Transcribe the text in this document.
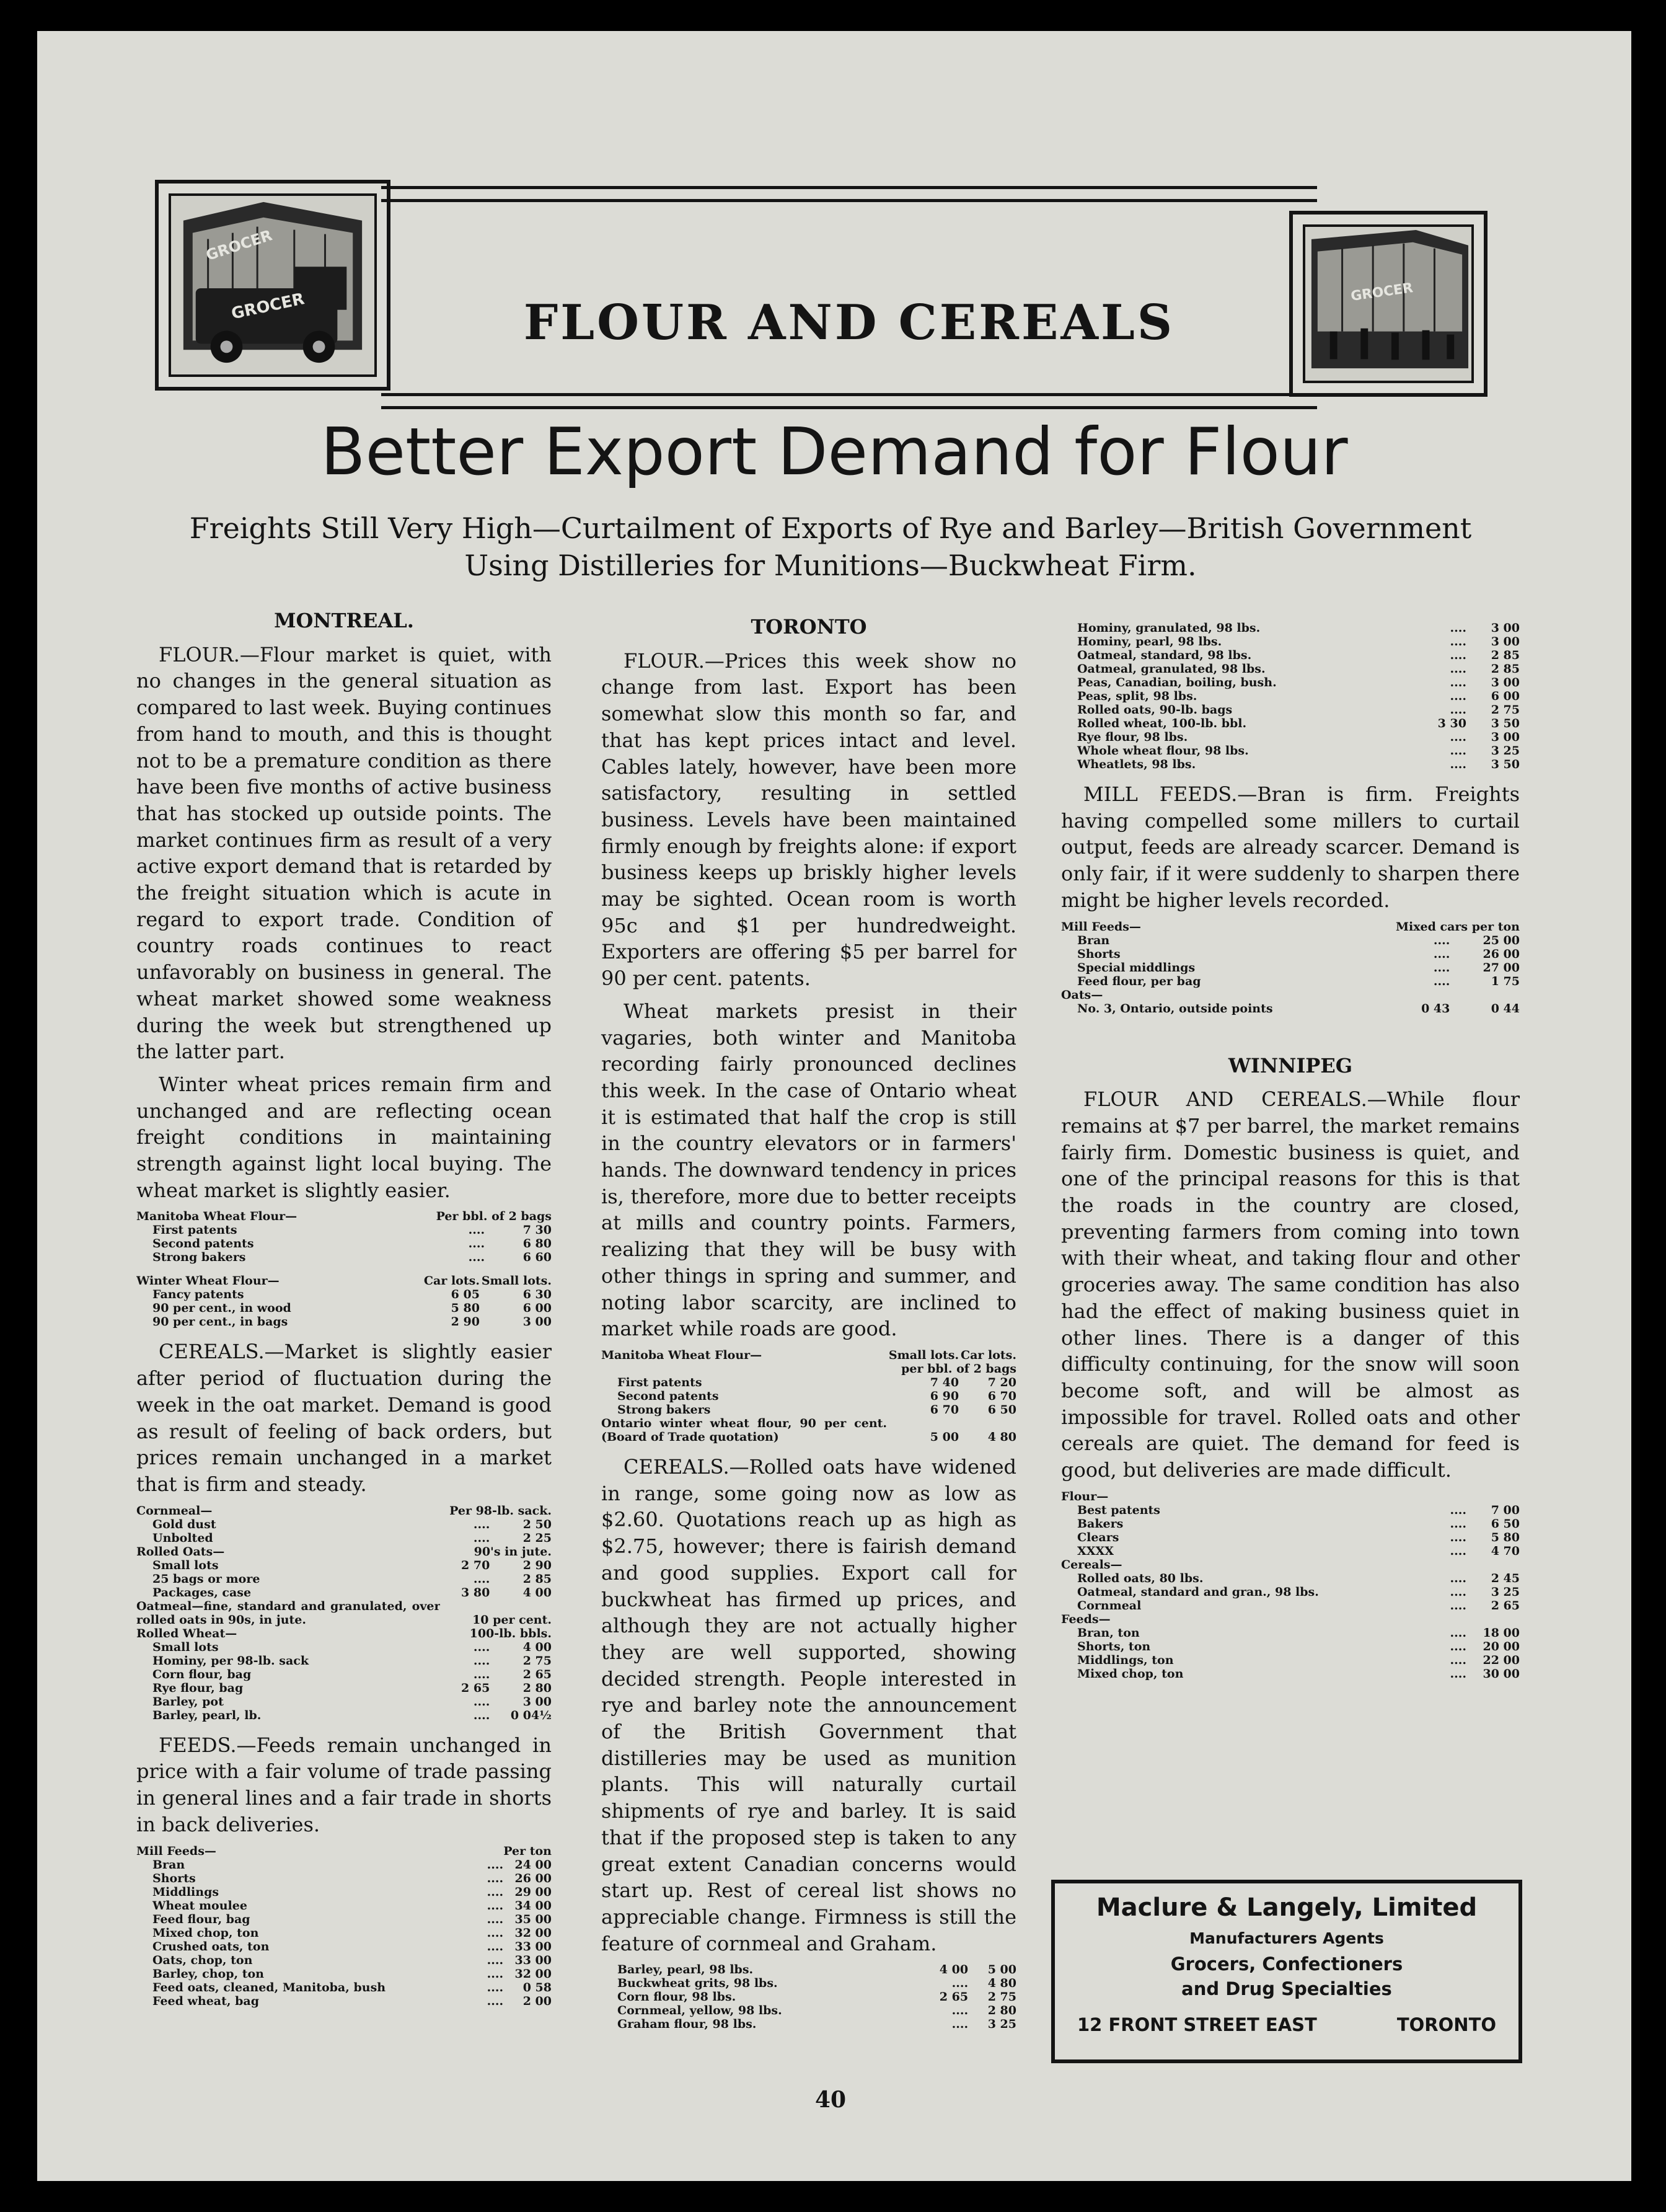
GROCER
GROCER
FLOUR AND CEREALS
GROCER
Better Export Demand for Flour
Freights Still Very High—Curtailment of Exports of Rye and Barley—British Government
Using Distilleries for Munitions—Buckwheat Firm.
MONTREAL.

FLOUR.—Flour market is quiet, with no changes in the general situation as compared to last week. Buying continues from hand to mouth, and this is thought not to be a premature condition as there have been five months of active business that has stocked up outside points. The market continues firm as result of a very active export demand that is retarded by the freight situation which is acute in regard to export trade. Condition of country roads continues to react unfavorably on business in general. The wheat market showed some weakness during the week but strengthened up the latter part.

Winter wheat prices remain firm and unchanged and are reflecting ocean freight conditions in maintaining strength against light local buying. The wheat market is slightly easier.

Manitoba Wheat Flour—	Per bbl. of 2 bags	
First patents	....	7 30
Second patents	....	6 80
Strong bakers	....	6 60
Winter Wheat Flour—	Car lots.	Small lots.
Fancy patents	6 05	6 30
90 per cent., in wood	5 80	6 00
90 per cent., in bags	2 90	3 00

CEREALS.—Market is slightly easier after period of fluctuation during the week in the oat market. Demand is good as result of feeling of back orders, but prices remain unchanged in a market that is firm and steady.

Cornmeal—	Per 98-lb. sack.	
Gold dust	....	2 50
Unbolted	....	2 25
Rolled Oats—	90's in jute.	
Small lots	2 70	2 90
25 bags or more	....	2 85
Packages, case	3 80	4 00
Oatmeal—fine, standard and granulated, over rolled oats in 90s, in jute.	10 per cent.	
Rolled Wheat—	100-lb. bbls.	
Small lots	....	4 00
Hominy, per 98-lb. sack	....	2 75
Corn flour, bag	....	2 65
Rye flour, bag	2 65	2 80
Barley, pot	....	3 00
Barley, pearl, lb.	....	0 04½

FEEDS.—Feeds remain unchanged in price with a fair volume of trade passing in general lines and a fair trade in shorts in back deliveries.

Mill Feeds—	Per ton	
Bran	....	24 00
Shorts	....	26 00
Middlings	....	29 00
Wheat moulee	....	34 00
Feed flour, bag	....	35 00
Mixed chop, ton	....	32 00
Crushed oats, ton	....	33 00
Oats, chop, ton	....	33 00
Barley, chop, ton	....	32 00
Feed oats, cleaned, Manitoba, bush	....	0 58
Feed wheat, bag	....	2 00
TORONTO

FLOUR.—Prices this week show no change from last. Export has been somewhat slow this month so far, and that has kept prices intact and level. Cables lately, however, have been more satisfactory, resulting in settled business. Levels have been maintained firmly enough by freights alone: if export business keeps up briskly higher levels may be sighted. Ocean room is worth 95c and $1 per hundredweight. Exporters are offering $5 per barrel for 90 per cent. patents.

Wheat markets presist in their vagaries, both winter and Manitoba recording fairly pronounced declines this week. In the case of Ontario wheat it is estimated that half the crop is still in the country elevators or in farmers' hands. The downward tendency in prices is, therefore, more due to better receipts at mills and country points. Farmers, realizing that they will be busy with other things in spring and summer, and noting labor scarcity, are inclined to market while roads are good.

Manitoba Wheat Flour—	Small lots.	Car lots.
	per bbl. of 2 bags	
First patents	7 40	7 20
Second patents	6 90	6 70
Strong bakers	6 70	6 50
Ontario winter wheat flour, 90 per cent. (Board of Trade quotation)	5 00	4 80

CEREALS.—Rolled oats have widened in range, some going now as low as $2.60. Quotations reach up as high as $2.75, however; there is fairish demand and good supplies. Export call for buckwheat has firmed up prices, and although they are not actually higher they are well supported, showing decided strength. People interested in rye and barley note the announcement of the British Government that distilleries may be used as munition plants. This will naturally curtail shipments of rye and barley. It is said that if the proposed step is taken to any great extent Canadian concerns would start up. Rest of cereal list shows no appreciable change. Firmness is still the feature of cornmeal and Graham.

Barley, pearl, 98 lbs.	4 00	5 00
Buckwheat grits, 98 lbs.	....	4 80
Corn flour, 98 lbs.	2 65	2 75
Cornmeal, yellow, 98 lbs.	....	2 80
Graham flour, 98 lbs.	....	3 25
Hominy, granulated, 98 lbs.	....	3 00
Hominy, pearl, 98 lbs.	....	3 00
Oatmeal, standard, 98 lbs.	....	2 85
Oatmeal, granulated, 98 lbs.	....	2 85
Peas, Canadian, boiling, bush.	....	3 00
Peas, split, 98 lbs.	....	6 00
Rolled oats, 90-lb. bags	....	2 75
Rolled wheat, 100-lb. bbl.	3 30	3 50
Rye flour, 98 lbs.	....	3 00
Whole wheat flour, 98 lbs.	....	3 25
Wheatlets, 98 lbs.	....	3 50

MILL FEEDS.—Bran is firm. Freights having compelled some millers to curtail output, feeds are already scarcer. Demand is only fair, if it were suddenly to sharpen there might be higher levels recorded.

Mill Feeds—	Mixed cars per ton	
Bran	....	25 00
Shorts	....	26 00
Special middlings	....	27 00
Feed flour, per bag	....	1 75
Oats—		
No. 3, Ontario, outside points	0 43	0 44
WINNIPEG

FLOUR AND CEREALS.—While flour remains at $7 per barrel, the market remains fairly firm. Domestic business is quiet, and one of the principal reasons for this is that the roads in the country are closed, preventing farmers from coming into town with their wheat, and taking flour and other groceries away. The same condition has also had the effect of making business quiet in other lines. There is a danger of this difficulty continuing, for the snow will soon become soft, and will be almost as impossible for travel. Rolled oats and other cereals are quiet. The demand for feed is good, but deliveries are made difficult.

Flour—		
Best patents	....	7 00
Bakers	....	6 50
Clears	....	5 80
XXXX	....	4 70
Cereals—		
Rolled oats, 80 lbs.	....	2 45
Oatmeal, standard and gran., 98 lbs.	....	3 25
Cornmeal	....	2 65
Feeds—		
Bran, ton	....	18 00
Shorts, ton	....	20 00
Middlings, ton	....	22 00
Mixed chop, ton	....	30 00
Maclure & Langely, Limited
Manufacturers Agents
Grocers, Confectioners
and Drug Specialties
12 FRONT STREET EAST	TORONTO
40
